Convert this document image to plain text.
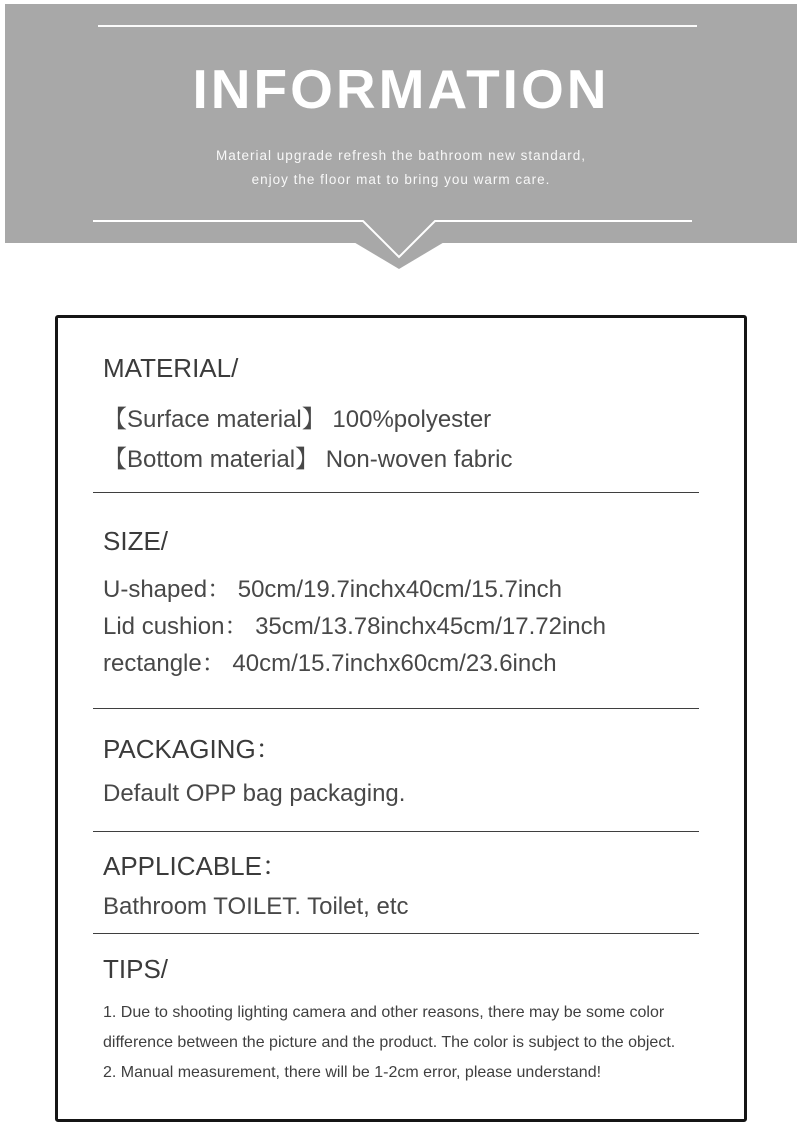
INFORMATION

Material upgrade refresh the bathroom new standard,
enjoy the floor mat to bring you warm care.

MATERIAL/

【Surface material】 100%polyester

【Bottom material】 Non-woven fabric

SIZE/

U-shaped： 50cm/19.7inchx40cm/15.7inch

Lid cushion： 35cm/13.78inchx45cm/17.72inch

rectangle： 40cm/15.7inchx60cm/23.6inch

PACKAGING：

Default OPP bag packaging.

APPLICABLE：

Bathroom TOILET. Toilet, etc

TIPS/

1. Due to shooting lighting camera and other reasons, there may be some color difference between the picture and the product. The color is subject to the object.

2. Manual measurement, there will be 1-2cm error, please understand!
